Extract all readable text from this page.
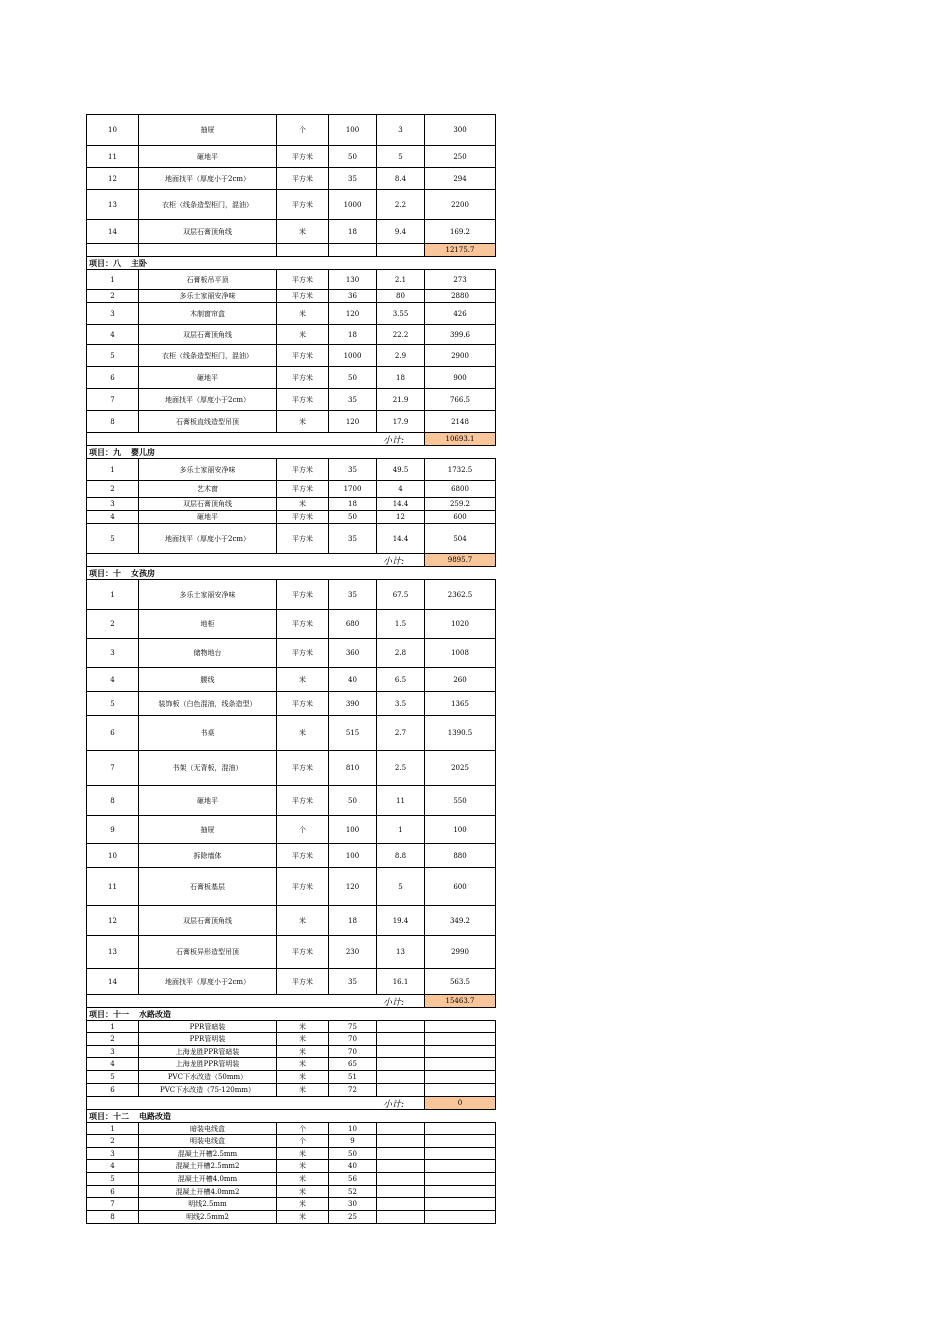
10	抽屉	个	100	3	300
11	砸地平	平方米	50	5	250
12	地面找平（厚度小于2cm）	平方米	35	8.4	294
13	衣柜（线条造型柜门，混油）	平方米	1000	2.2	2200
14	双层石膏顶角线	米	18	9.4	169.2
12175.7
项目：八 主卧
1	石膏板吊平顶	平方米	130	2.1	273
2	多乐士家丽安净味	平方米	36	80	2880
3	木制窗帘盒	米	120	3.55	426
4	双层石膏顶角线	米	18	22.2	399.6
5	衣柜（线条造型柜门，混油）	平方米	1000	2.9	2900
6	砸地平	平方米	50	18	900
7	地面找平（厚度小于2cm）	平方米	35	21.9	766.5
8	石膏板直线造型吊顶	米	120	17.9	2148
小计:	10693.1
项目：九 婴儿房
1	多乐士家丽安净味	平方米	35	49.5	1732.5
2	艺术窗	平方米	1700	4	6800
3	双层石膏顶角线	米	18	14.4	259.2
4	砸地平	平方米	50	12	600
5	地面找平（厚度小于2cm）	平方米	35	14.4	504
小计:	9895.7
项目：十 女孩房
1	多乐士家丽安净味	平方米	35	67.5	2362.5
2	地柜	平方米	680	1.5	1020
3	储物地台	平方米	360	2.8	1008
4	腰线	米	40	6.5	260
5	装饰板（白色混油，线条造型）	平方米	390	3.5	1365
6	书桌	米	515	2.7	1390.5
7	书架（无背板，混油）	平方米	810	2.5	2025
8	砸地平	平方米	50	11	550
9	抽屉	个	100	1	100
10	拆除墙体	平方米	100	8.8	880
11	石膏板基层	平方米	120	5	600
12	双层石膏顶角线	米	18	19.4	349.2
13	石膏板异形造型吊顶	平方米	230	13	2990
14	地面找平（厚度小于2cm）	平方米	35	16.1	563.5
小计:	15463.7
项目：十一 水路改造
1	PPR管暗装	米	75
2	PPR管明装	米	70
3	上海龙胜PPR管暗装	米	70
4	上海龙胜PPR管明装	米	65
5	PVC下水改造（50mm）	米	51
6	PVC下水改造（75-120mm）	米	72
小计:	0
项目：十二 电路改造
1	暗装电线盒	个	10
2	明装电线盒	个	9
3	混凝土开槽2.5mm	米	50
4	混凝土开槽2.5mm2	米	40
5	混凝土开槽4.0mm	米	56
6	混凝土开槽4.0mm2	米	52
7	明线2.5mm	米	30
8	明线2.5mm2	米	25
